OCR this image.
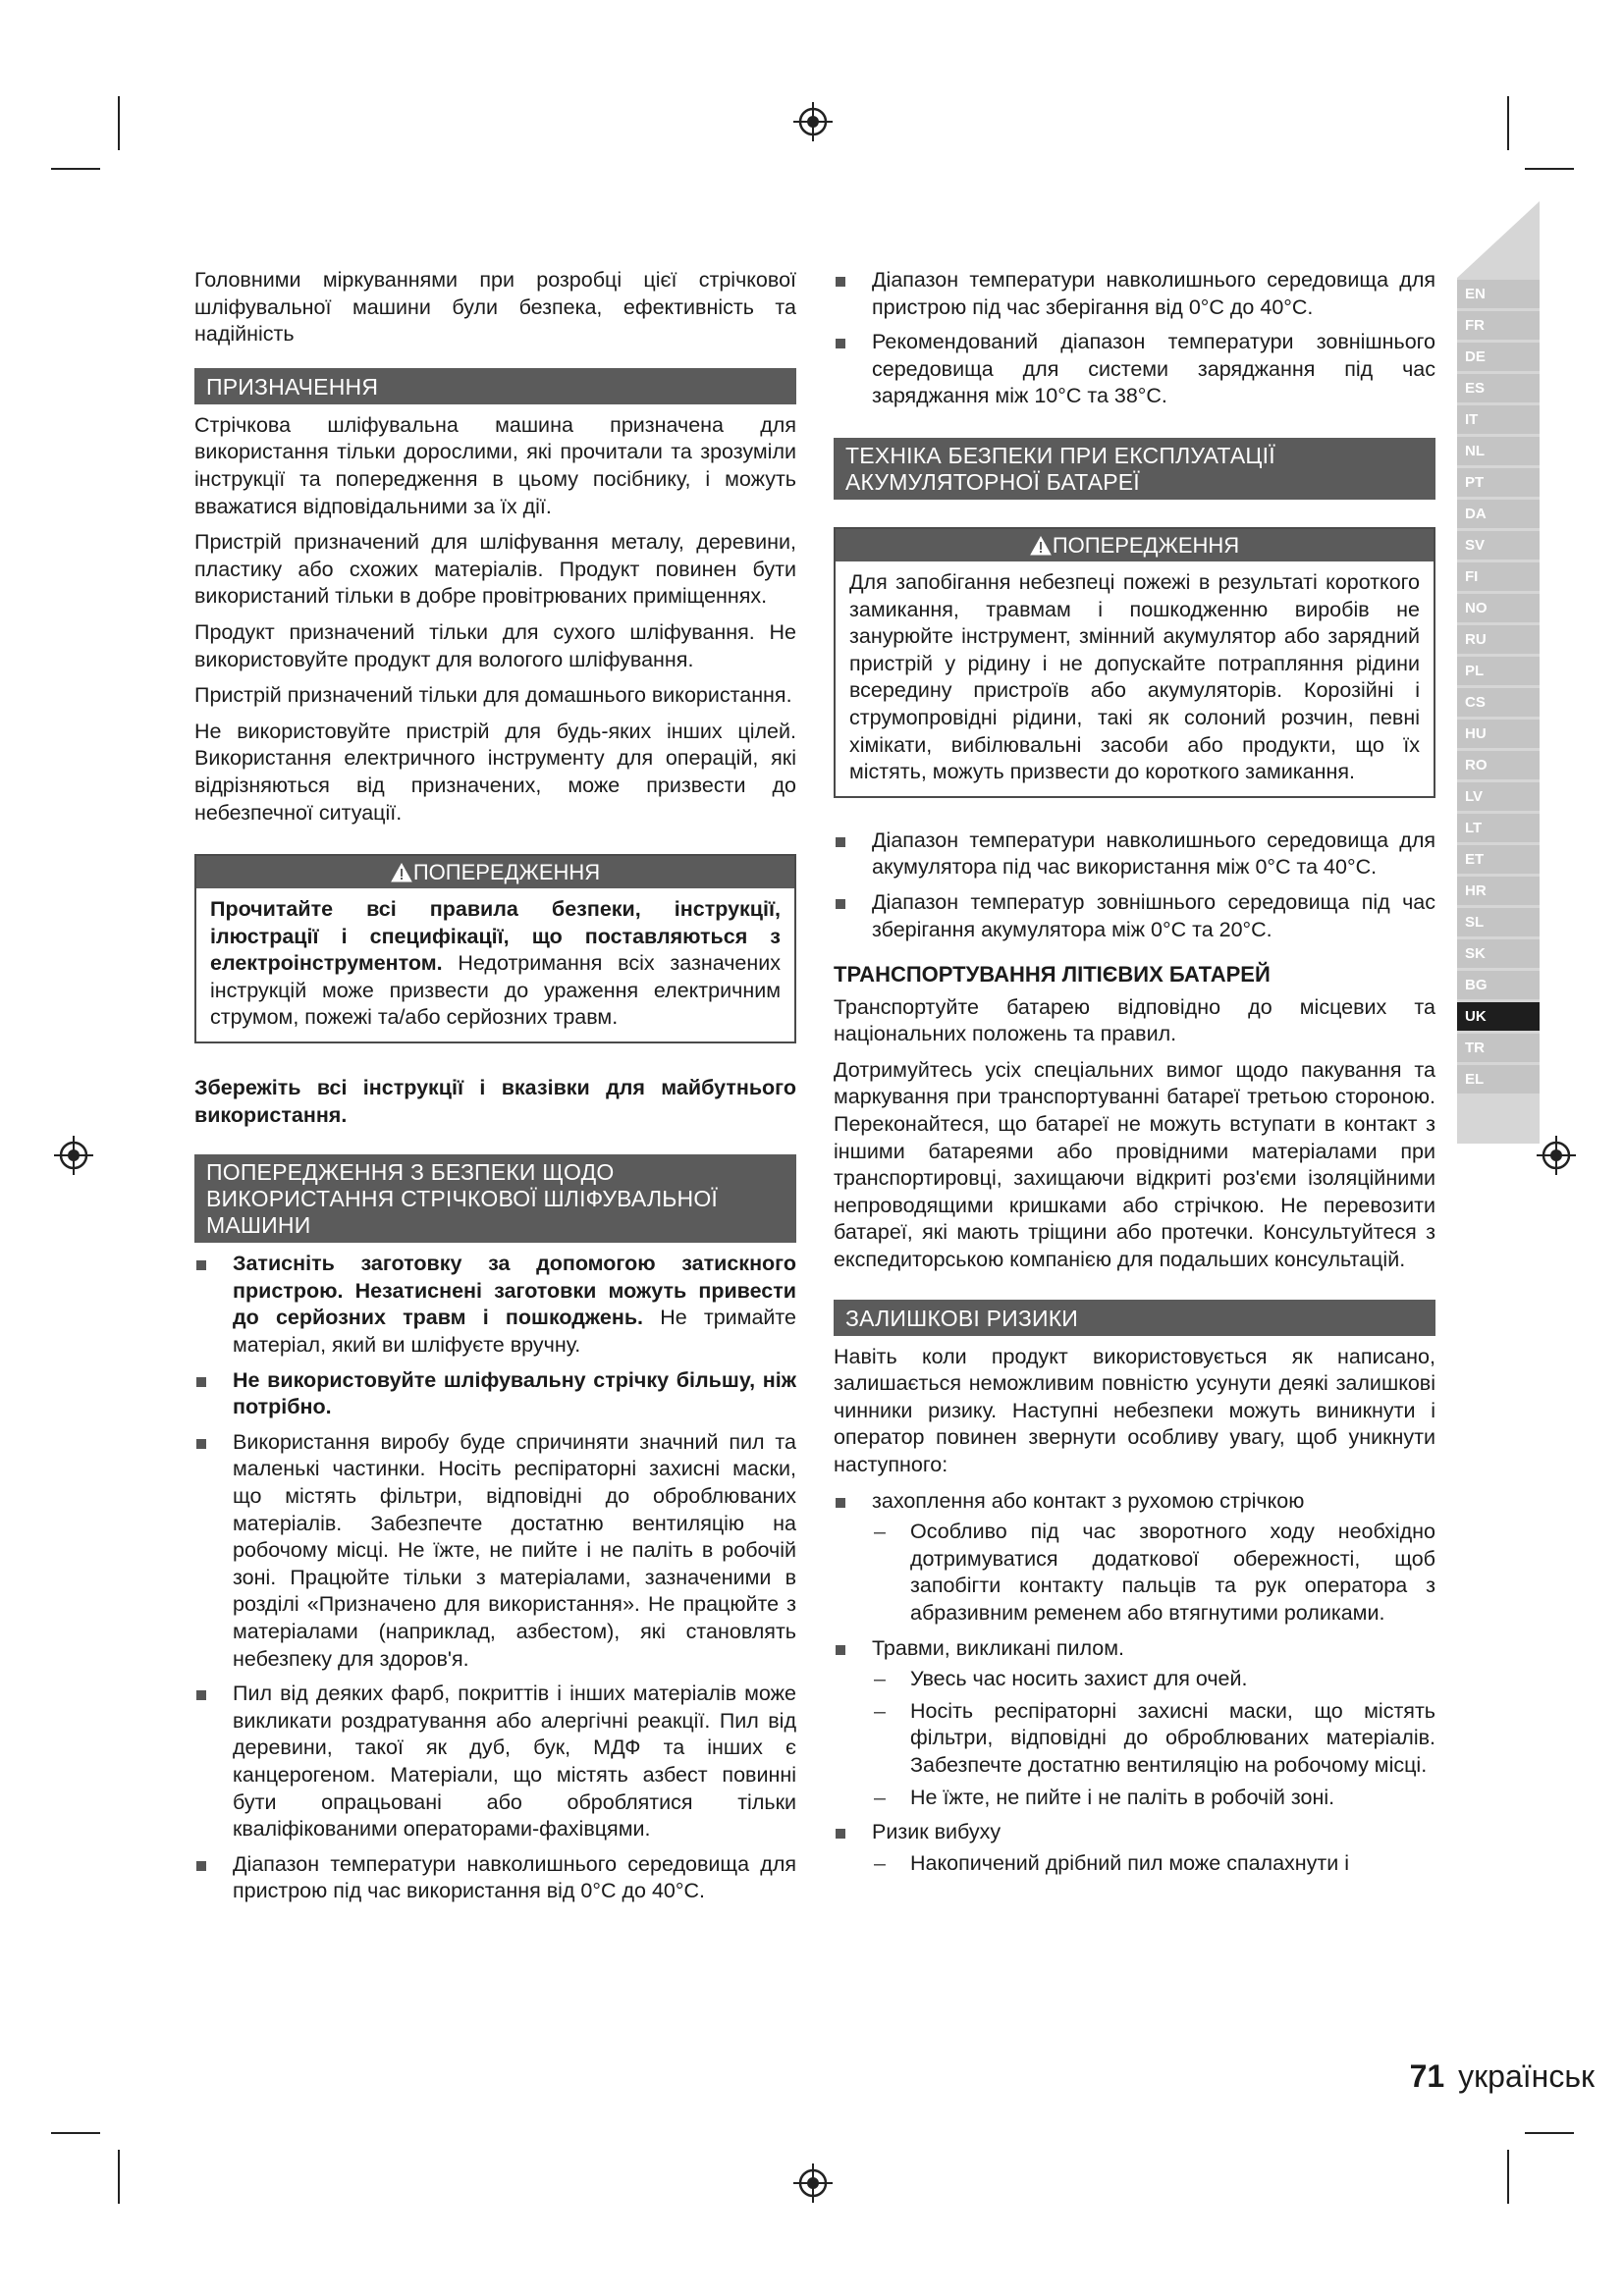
EN
FR
DE
ES
IT
NL
PT
DA
SV
FI
NO
RU
PL
CS
HU
RO
LV
LT
ET
HR
SL
SK
BG
UK
TR
EL

Головними міркуваннями при розробці цієї стрічкової шліфувальної машини були безпека, ефективність та надійність

ПРИЗНАЧЕННЯ

Стрічкова шліфувальна машина призначена для використання тільки дорослими, які прочитали та зрозуміли інструкції та попередження в цьому посібнику, і можуть вважатися відповідальними за їх дії.

Пристрій призначений для шліфування металу, деревини, пластику або схожих матеріалів. Продукт повинен бути використаний тільки в добре провітрюваних приміщеннях.

Продукт призначений тільки для сухого шліфування. Не використовуйте продукт для вологого шліфування.

Пристрій призначений тільки для домашнього використання.

Не використовуйте пристрій для будь-яких інших цілей. Використання електричного інструменту для операцій, які відрізняються від призначених, може призвести до небезпечної ситуації.

ПОПЕРЕДЖЕННЯ
Прочитайте всі правила безпеки, інструкції, ілюстрації і специфікації, що поставляються з електроінструментом. Недотримання всіх зазначених інструкцій може призвести до ураження електричним струмом, пожежі та/або серйозних травм.

Збережіть всі інструкції і вказівки для майбутнього використання.

ПОПЕРЕДЖЕННЯ З БЕЗПЕКИ ЩОДО ВИКОРИСТАННЯ СТРІЧКОВОЇ ШЛІФУВАЛЬНОЇ МАШИНИ
Затисніть заготовку за допомогою затискного пристрою. Незатиснені заготовки можуть привести до серйозних травм і пошкоджень. Не тримайте матеріал, який ви шліфуєте вручну.
Не використовуйте шліфувальну стрічку більшу, ніж потрібно.
Використання виробу буде спричиняти значний пил та маленькі частинки. Носіть респіраторні захисні маски, що містять фільтри, відповідні до оброблюваних матеріалів. Забезпечте достатню вентиляцію на робочому місці. Не їжте, не пийте і не паліть в робочій зоні. Працюйте тільки з матеріалами, зазначеними в розділі «Призначено для використання». Не працюйте з матеріалами (наприклад, азбестом), які становлять небезпеку для здоров'я.
Пил від деяких фарб, покриттів і інших матеріалів може викликати роздратування або алергічні реакції. Пил від деревини, такої як дуб, бук, МДФ та інших є канцерогеном. Матеріали, що містять азбест повинні бути опрацьовані або оброблятися тільки кваліфікованими операторами-фахівцями.
Діапазон температури навколишнього середовища для пристрою під час використання від 0°C до 40°C.
Діапазон температури навколишнього середовища для пристрою під час зберігання від 0°C до 40°C.
Рекомендований діапазон температури зовнішнього середовища для системи заряджання під час заряджання між 10°C та 38°C.
ТЕХНІКА БЕЗПЕКИ ПРИ ЕКСПЛУАТАЦІЇ АКУМУЛЯТОРНОЇ БАТАРЕЇ
ПОПЕРЕДЖЕННЯ
Для запобігання небезпеці пожежі в результаті короткого замикання, травмам і пошкодженню виробів не занурюйте інструмент, змінний акумулятор або зарядний пристрій у рідину і не допускайте потрапляння рідини всередину пристроїв або акумуляторів. Корозійні і струмопровідні рідини, такі як солоний розчин, певні хімікати, вибілювальні засоби або продукти, що їх містять, можуть призвести до короткого замикання.
Діапазон температури навколишнього середовища для акумулятора під час використання між 0°C та 40°C.
Діапазон температур зовнішнього середовища під час зберігання акумулятора між 0°C та 20°C.
ТРАНСПОРТУВАННЯ ЛІТІЄВИХ БАТАРЕЙ

Транспортуйте батарею відповідно до місцевих та національних положень та правил.

Дотримуйтесь усіх спеціальних вимог щодо пакування та маркування при транспортуванні батареї третьою стороною. Переконайтеся, що батареї не можуть вступати в контакт з іншими батареями або провідними матеріалами при транспортировці, захищаючи відкриті роз'єми ізоляційними непроводящими кришками або стрічкою. Не перевозити батареї, які мають тріщини або протечки. Консультуйтеся з експедиторською компанією для подальших консультацій.

ЗАЛИШКОВІ РИЗИКИ

Навіть коли продукт використовується як написано, залишається неможливим повністю усунути деякі залишкові чинники ризику. Наступні небезпеки можуть виникнути і оператор повинен звернути особливу увагу, щоб уникнути наступного:

захоплення або контакт з рухомою стрічкою
– Особливо під час зворотного ходу необхідно дотримуватися додаткової обережності, щоб запобігти контакту пальців та рук оператора з абразивним ременем або втягнутими роликами.
Травми, викликані пилом.
– Увесь час носить захист для очей.
– Носіть респіраторні захисні маски, що містять фільтри, відповідні до оброблюваних матеріалів. Забезпечте достатню вентиляцію на робочому місці.
– Не їжте, не пийте і не паліть в робочій зоні.
Ризик вибуху
– Накопичений дрібний пил може спалахнути і
71 українськ
